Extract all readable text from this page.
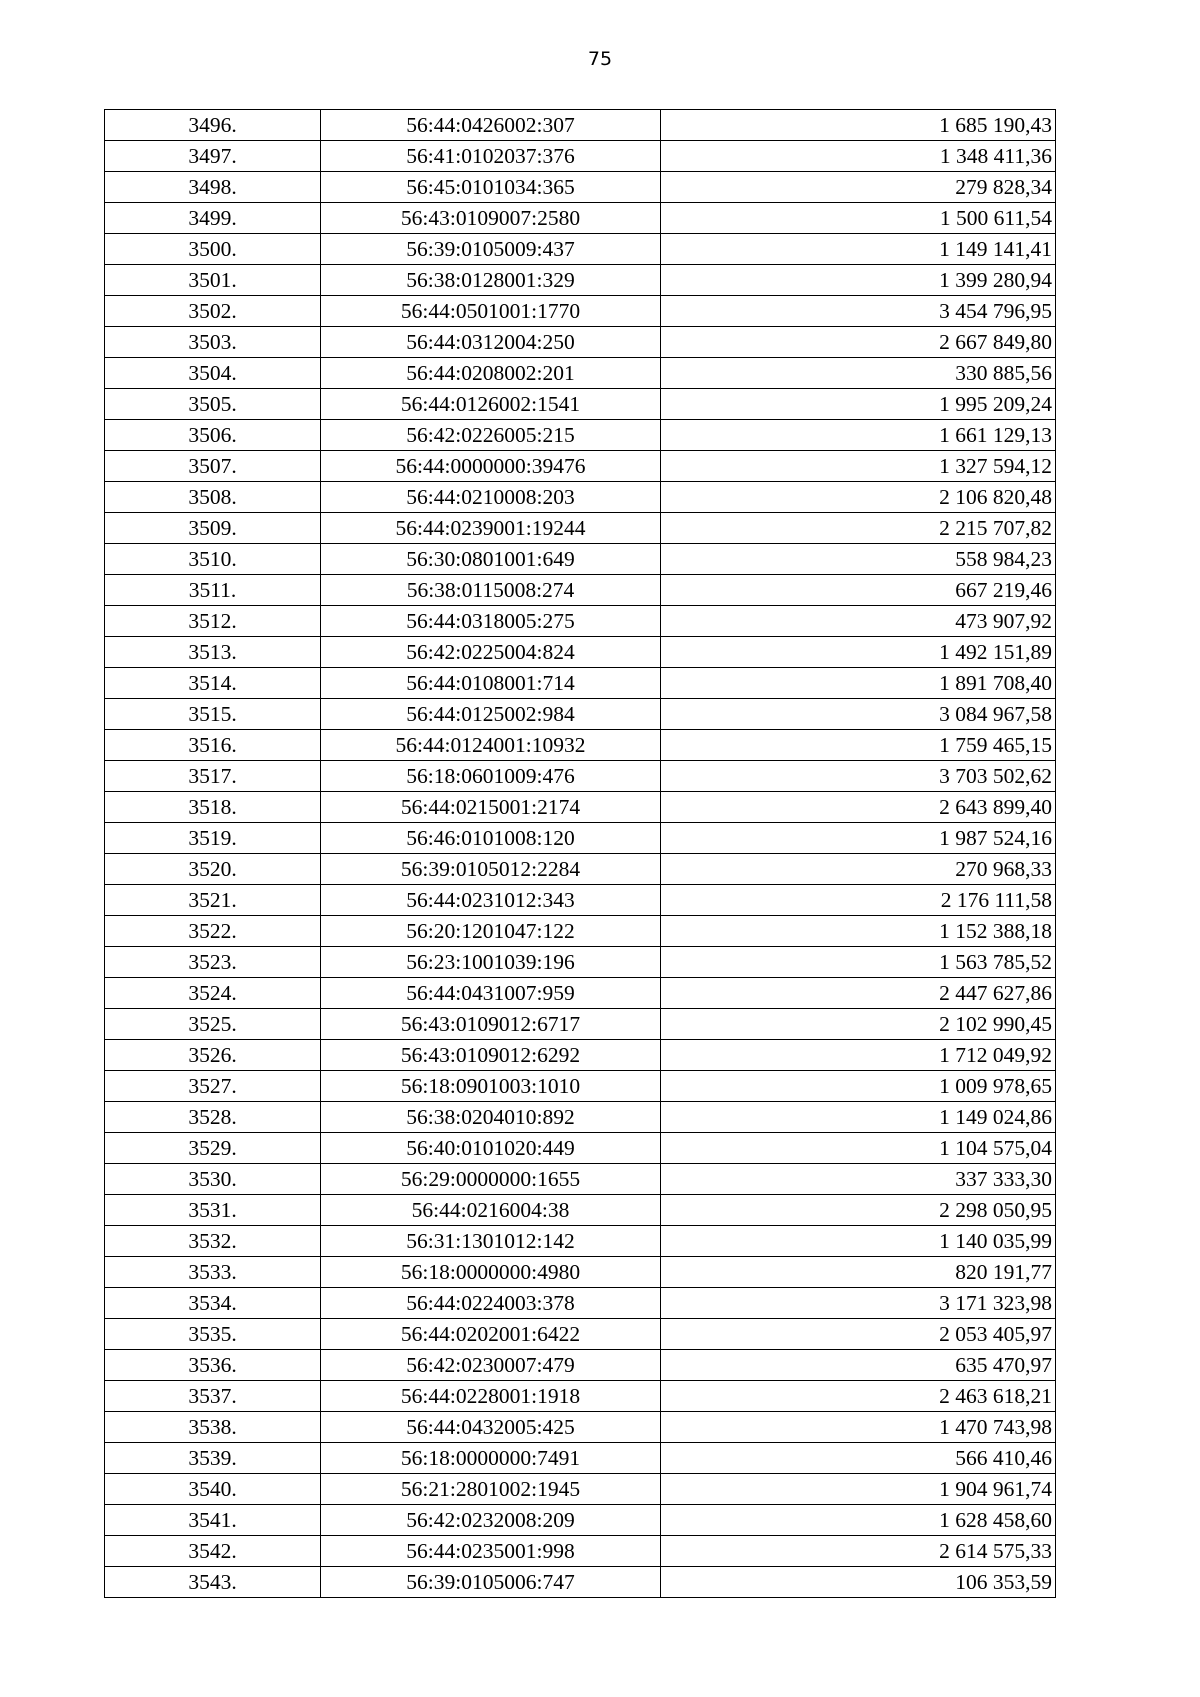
75
3496.	56:44:0426002:307	1 685 190,43
3497.	56:41:0102037:376	1 348 411,36
3498.	56:45:0101034:365	279 828,34
3499.	56:43:0109007:2580	1 500 611,54
3500.	56:39:0105009:437	1 149 141,41
3501.	56:38:0128001:329	1 399 280,94
3502.	56:44:0501001:1770	3 454 796,95
3503.	56:44:0312004:250	2 667 849,80
3504.	56:44:0208002:201	330 885,56
3505.	56:44:0126002:1541	1 995 209,24
3506.	56:42:0226005:215	1 661 129,13
3507.	56:44:0000000:39476	1 327 594,12
3508.	56:44:0210008:203	2 106 820,48
3509.	56:44:0239001:19244	2 215 707,82
3510.	56:30:0801001:649	558 984,23
3511.	56:38:0115008:274	667 219,46
3512.	56:44:0318005:275	473 907,92
3513.	56:42:0225004:824	1 492 151,89
3514.	56:44:0108001:714	1 891 708,40
3515.	56:44:0125002:984	3 084 967,58
3516.	56:44:0124001:10932	1 759 465,15
3517.	56:18:0601009:476	3 703 502,62
3518.	56:44:0215001:2174	2 643 899,40
3519.	56:46:0101008:120	1 987 524,16
3520.	56:39:0105012:2284	270 968,33
3521.	56:44:0231012:343	2 176 111,58
3522.	56:20:1201047:122	1 152 388,18
3523.	56:23:1001039:196	1 563 785,52
3524.	56:44:0431007:959	2 447 627,86
3525.	56:43:0109012:6717	2 102 990,45
3526.	56:43:0109012:6292	1 712 049,92
3527.	56:18:0901003:1010	1 009 978,65
3528.	56:38:0204010:892	1 149 024,86
3529.	56:40:0101020:449	1 104 575,04
3530.	56:29:0000000:1655	337 333,30
3531.	56:44:0216004:38	2 298 050,95
3532.	56:31:1301012:142	1 140 035,99
3533.	56:18:0000000:4980	820 191,77
3534.	56:44:0224003:378	3 171 323,98
3535.	56:44:0202001:6422	2 053 405,97
3536.	56:42:0230007:479	635 470,97
3537.	56:44:0228001:1918	2 463 618,21
3538.	56:44:0432005:425	1 470 743,98
3539.	56:18:0000000:7491	566 410,46
3540.	56:21:2801002:1945	1 904 961,74
3541.	56:42:0232008:209	1 628 458,60
3542.	56:44:0235001:998	2 614 575,33
3543.	56:39:0105006:747	106 353,59
